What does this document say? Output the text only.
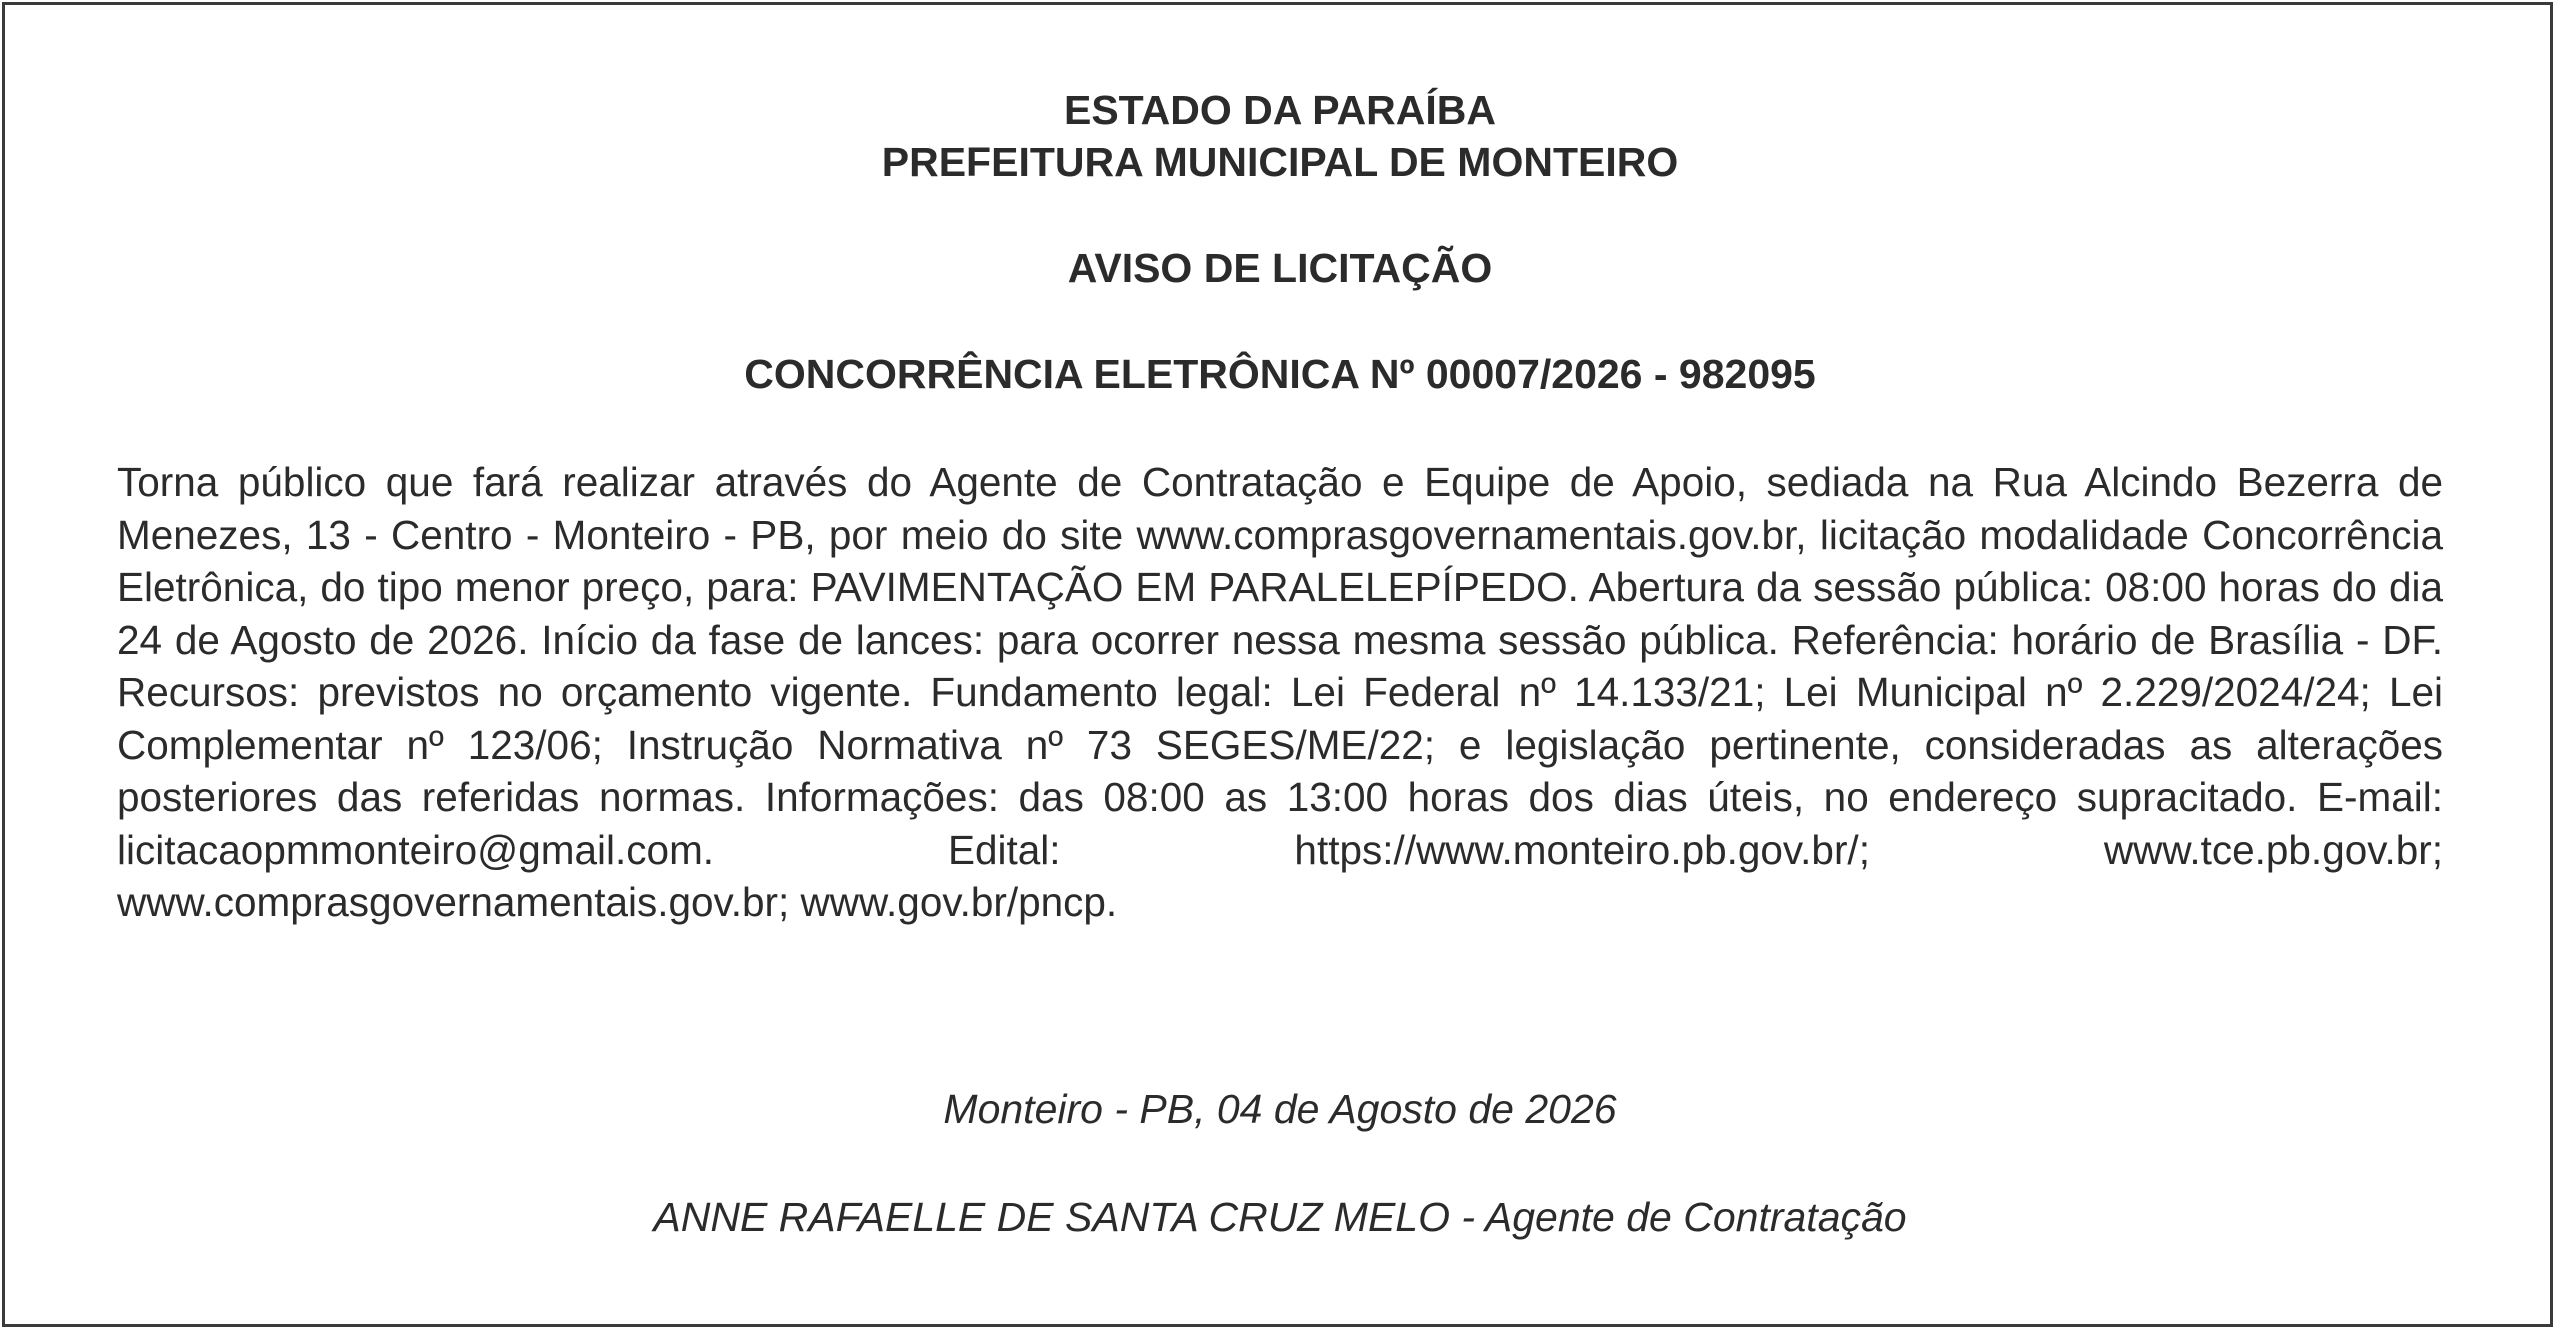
ESTADO DA PARAÍBA

PREFEITURA MUNICIPAL DE MONTEIRO

AVISO DE LICITAÇÃO

CONCORRÊNCIA ELETRÔNICA Nº 00007/2026 - 982095

Torna público que fará realizar através do Agente de Contratação e Equipe de Apoio, sediada na Rua Alcindo Bezerra de Menezes, 13 - Centro - Monteiro - PB, por meio do site www.comprasgovernamentais.gov.br, licitação modalidade Concorrência Eletrônica, do tipo menor preço, para: PAVIMENTAÇÃO EM PARALELEPÍPEDO. Abertura da sessão pública: 08:00 horas do dia 24 de Agosto de 2026. Início da fase de lances: para ocorrer nessa mesma sessão pública. Referência: horário de Brasília - DF. Recursos: previstos no orçamento vigente. Fundamento legal: Lei Federal nº 14.133/21; Lei Municipal nº 2.229/2024/24; Lei Complementar nº 123/06; Instrução Normativa nº 73 SEGES/ME/22; e legislação pertinente, consideradas as alterações posteriores das referidas normas. Informações: das 08:00 as 13:00 horas dos dias úteis, no endereço supracitado. E-mail: licitacaopmmonteiro@gmail.com. Edital: https://www.monteiro.pb.gov.br/; www.tce.pb.gov.br; www.comprasgovernamentais.gov.br; www.gov.br/pncp.

Monteiro - PB, 04 de Agosto de 2026

ANNE RAFAELLE DE SANTA CRUZ MELO - Agente de Contratação
